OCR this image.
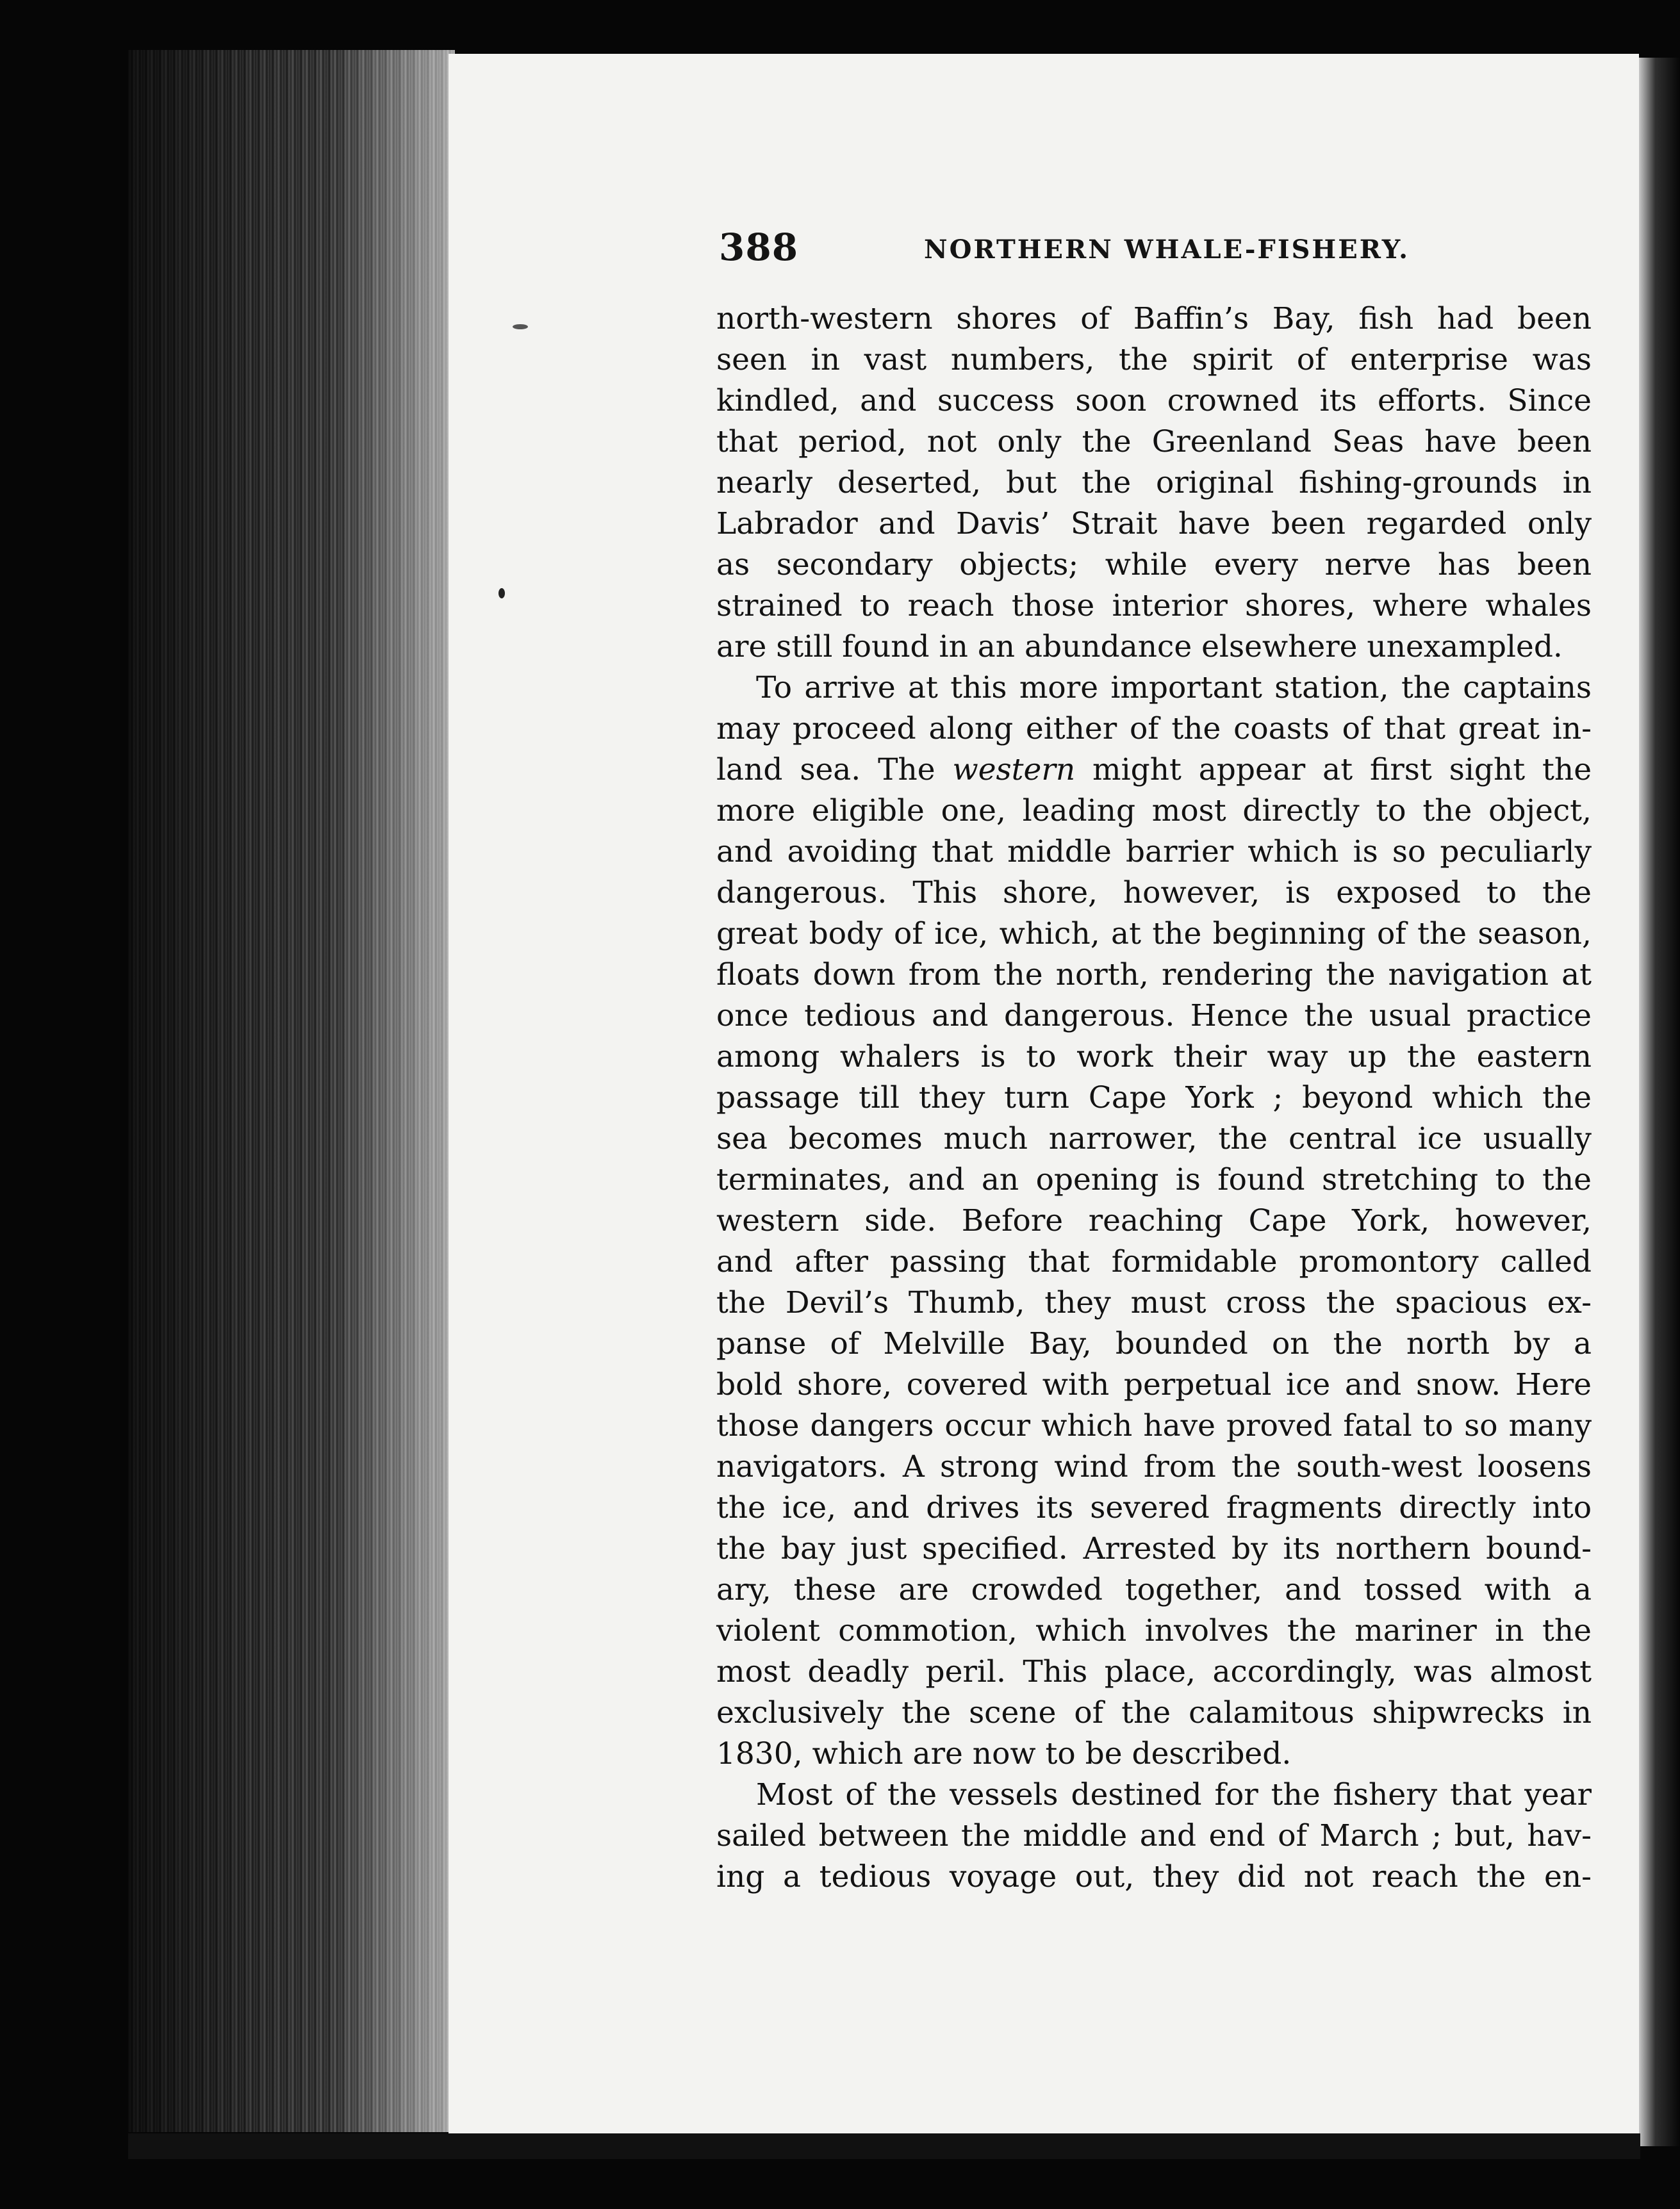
388	NORTHERN WHALE-FISHERY.
north-western shores of Baffin’s Bay, fish had been
seen in vast numbers, the spirit of enterprise was
kindled, and success soon crowned its efforts. Since
that period, not only the Greenland Seas have been
nearly deserted, but the original fishing-grounds in
Labrador and Davis’ Strait have been regarded only
as secondary objects; while every nerve has been
strained to reach those interior shores, where whales
are still found in an abundance elsewhere unexampled.
To arrive at this more important station, the captains
may proceed along either of the coasts of that great in-
land sea. The western might appear at first sight the
more eligible one, leading most directly to the object,
and avoiding that middle barrier which is so peculiarly
dangerous. This shore, however, is exposed to the
great body of ice, which, at the beginning of the season,
floats down from the north, rendering the navigation at
once tedious and dangerous. Hence the usual practice
among whalers is to work their way up the eastern
passage till they turn Cape York ; beyond which the
sea becomes much narrower, the central ice usually
terminates, and an opening is found stretching to the
western side. Before reaching Cape York, however,
and after passing that formidable promontory called
the Devil’s Thumb, they must cross the spacious ex-
panse of Melville Bay, bounded on the north by a
bold shore, covered with perpetual ice and snow. Here
those dangers occur which have proved fatal to so many
navigators. A strong wind from the south-west loosens
the ice, and drives its severed fragments directly into
the bay just specified. Arrested by its northern bound-
ary, these are crowded together, and tossed with a
violent commotion, which involves the mariner in the
most deadly peril. This place, accordingly, was almost
exclusively the scene of the calamitous shipwrecks in
1830, which are now to be described.
Most of the vessels destined for the fishery that year
sailed between the middle and end of March ; but, hav-
ing a tedious voyage out, they did not reach the en-
